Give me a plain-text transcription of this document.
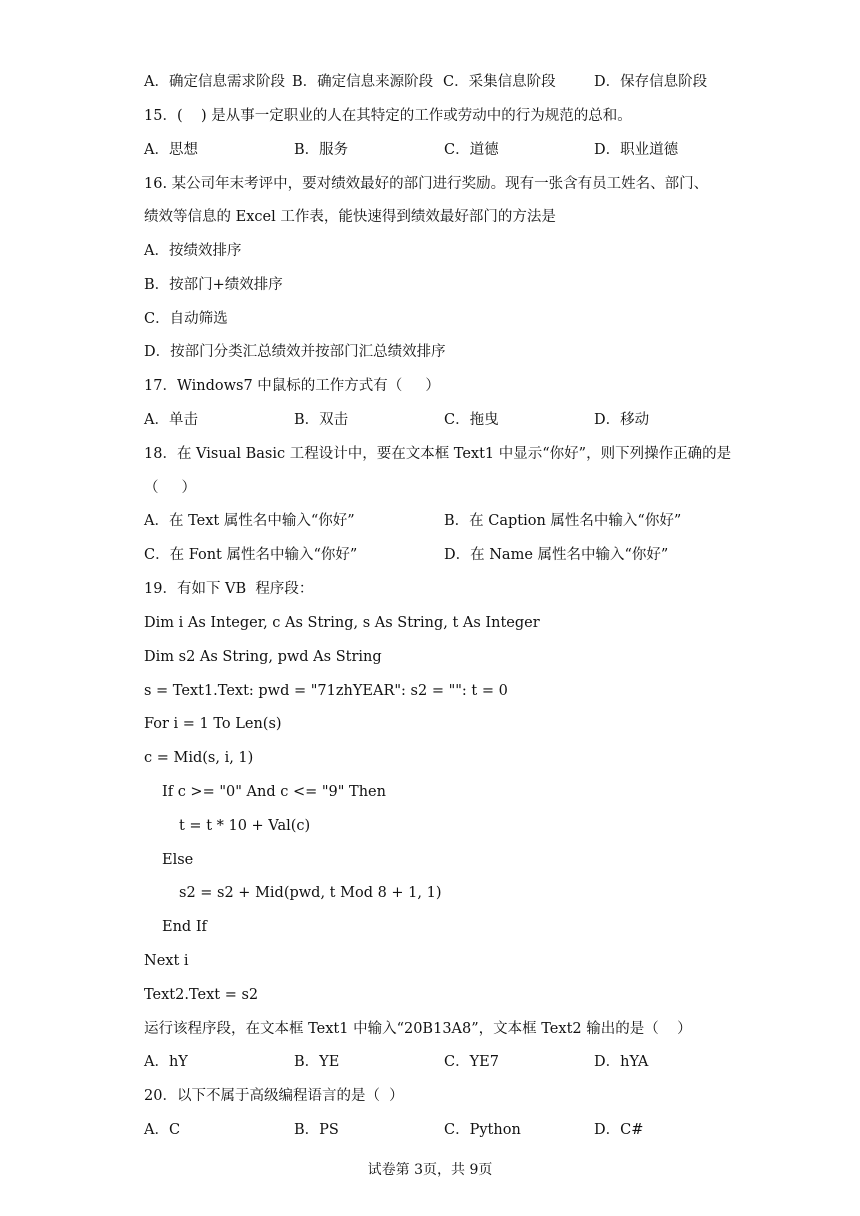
A．确定信息需求阶段 B．确定信息来源阶段 C．采集信息阶段	D．保存信息阶段
15．(    ) 是从事一定职业的人在其特定的工作或劳动中的行为规范的总和。
A．思想	B．服务	C．道德	D．职业道德
16. 某公司年末考评中，要对绩效最好的部门进行奖励。现有一张含有员工姓名、部门、
绩效等信息的 Excel 工作表，能快速得到绩效最好部门的方法是
A．按绩效排序
B．按部门+绩效排序
C．自动筛选
D．按部门分类汇总绩效并按部门汇总绩效排序
17．Windows7 中鼠标的工作方式有（     ）
A．单击	B．双击	C．拖曳	D．移动
18．在 Visual Basic 工程设计中，要在文本框 Text1 中显示“你好”，则下列操作正确的是
（     ）
A．在 Text 属性名中输入“你好”	B．在 Caption 属性名中输入“你好”
C．在 Font 属性名中输入“你好”	D．在 Name 属性名中输入“你好”
19．有如下 VB  程序段：
Dim i As Integer, c As String, s As String, t As Integer
Dim s2 As String, pwd As String
s = Text1.Text: pwd = "71zhYEAR": s2 = "": t = 0
For i = 1 To Len(s)
c = Mid(s, i, 1)
If c >= "0" And c <= "9" Then
t = t * 10 + Val(c)
Else
s2 = s2 + Mid(pwd, t Mod 8 + 1, 1)
End If
Next i
Text2.Text = s2
运行该程序段，在文本框 Text1 中输入“20B13A8”，文本框 Text2 输出的是（    ）
A．hY	B．YE	C．YE7	D．hYA
20．以下不属于高级编程语言的是（  ）
A．C	B．PS	C．Python	D．C#
试卷第 3页，共 9页
